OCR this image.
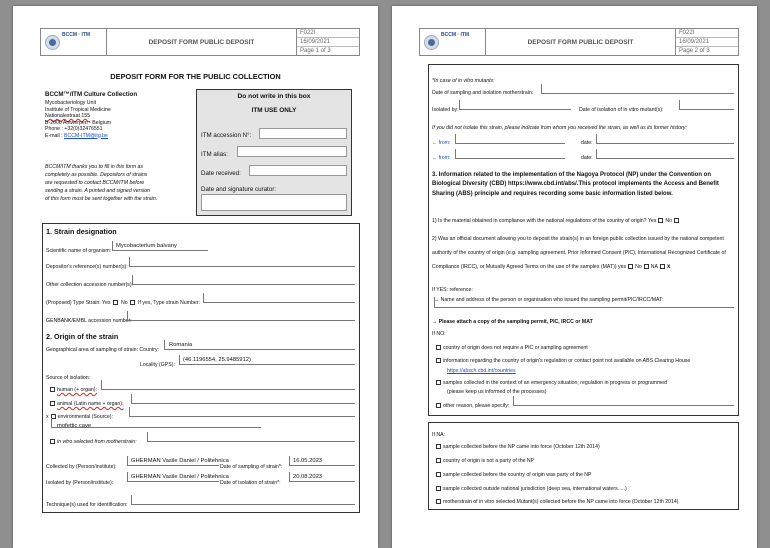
BCCM · ITM
DEPOSIT FORM PUBLIC DEPOSIT
F022I
16/09/2021
Page 1 of 3
DEPOSIT FORM FOR THE PUBLIC COLLECTION
BCCM™/ITM Culture Collection
Mycobacteriology Unit
Institute of Tropical Medicine
Nationalestraat 155
B-2000 Antwerpen - Belgium
Phone : +32(0)32476551
E-mail : BCCM-ITM@itg.be
BCCM/ITM thanks you to fill in this form as
completely as possible. Depositors of strains
are requested to contact BCCM/ITM before
sending a strain. A printed and signed version
of this form must be sent together with the strain.
Do not write in this box
ITM USE ONLY
ITM accession N°:
ITM alias:
Date received:
Date and signature curator:
1. Strain designation
Scientific name of organism:
Mycobacterium balvany
Depositor's reference(s) number(s):
Other collection accession number(s):
(Proposed) Type Strain: Yes No If yes, Type strain Number:
GENBANK/EMBL accession number:
2. Origin of the strain
Geographical area of sampling of strain: Country:
Romania
Locality (GPS):
(46.1196554, 25.9485912)
Source of isolation:
human (+ organ):
animal (Latin name + organ):
x environmental (Source):
mofettic cave
in vitro selected from motherstrain:
Collected by (Person/institute):
GHERMAN Vasile Daniel / Politehnica
Date of sampling of strain*:
16.05.2023
Isolated by (Person/institute):
GHERMAN Vasile Daniel / Politehnica
Date of isolation of strain*:
20.08.2023
Technique(s) used for identification:
BCCM · ITM
DEPOSIT FORM PUBLIC DEPOSIT
F022I
16/09/2021
Page 2 of 3
*In case of in vitro mutants:
Date of sampling and isolation motherstrain:
Isolated by:	Date of isolation of in vitro mutant(s):
If you did not isolate this strain, please indicate from whom you received the strain, as well as its former history:
← from:	date:
← from:	date:
3. Information related to the implementation of the Nagoya Protocol (NP) under the Convention on
Biological Diversity (CBD) https://www.cbd.int/abs/.This protocol implements the Access and Benefit
Sharing (ABS) principle and requires recording some basic information listed below.
1) Is the material obtained in compliance with the national regulations of the country of origin? Yes No
2) Was an official document allowing you to deposit the strain(s) in an foreign public collection issued by the national competent
authority of the country of origin (e.g. sampling agreement, Prior Informed Consent (PIC), International Recognized Certificate of
Compliance (IRCC), or Mutually Agreed Terms on the use of the samples (MAT)) yes No NA x
If YES: reference:
→ Name and address of the person or organisation who issued the sampling permit/PIC/IRCC/MAT:
→ Please attach a copy of the sampling permit, PIC, IRCC or MAT
If NO:
country of origin does not require a PIC or sampling agreement
information regarding the country of origin's regulation or contact point not available on ABS Clearing House
https://absch.cbd.int/countries
samples collected in the context of an emergency situation; regulation in progress or programmed
(please keep us informed of the processes)
other reason, please specify:
If NA:
sample collected before the NP came into force (October 12th 2014)
country of origin is not a party of the NP
sample collected before the country of origin was party of the NP
sample collected outside national jurisdiction (deep sea, international waters.....)
motherstrain of in vitro selected Mutant(s) collected before the NP came into force (October 12th 2014)
